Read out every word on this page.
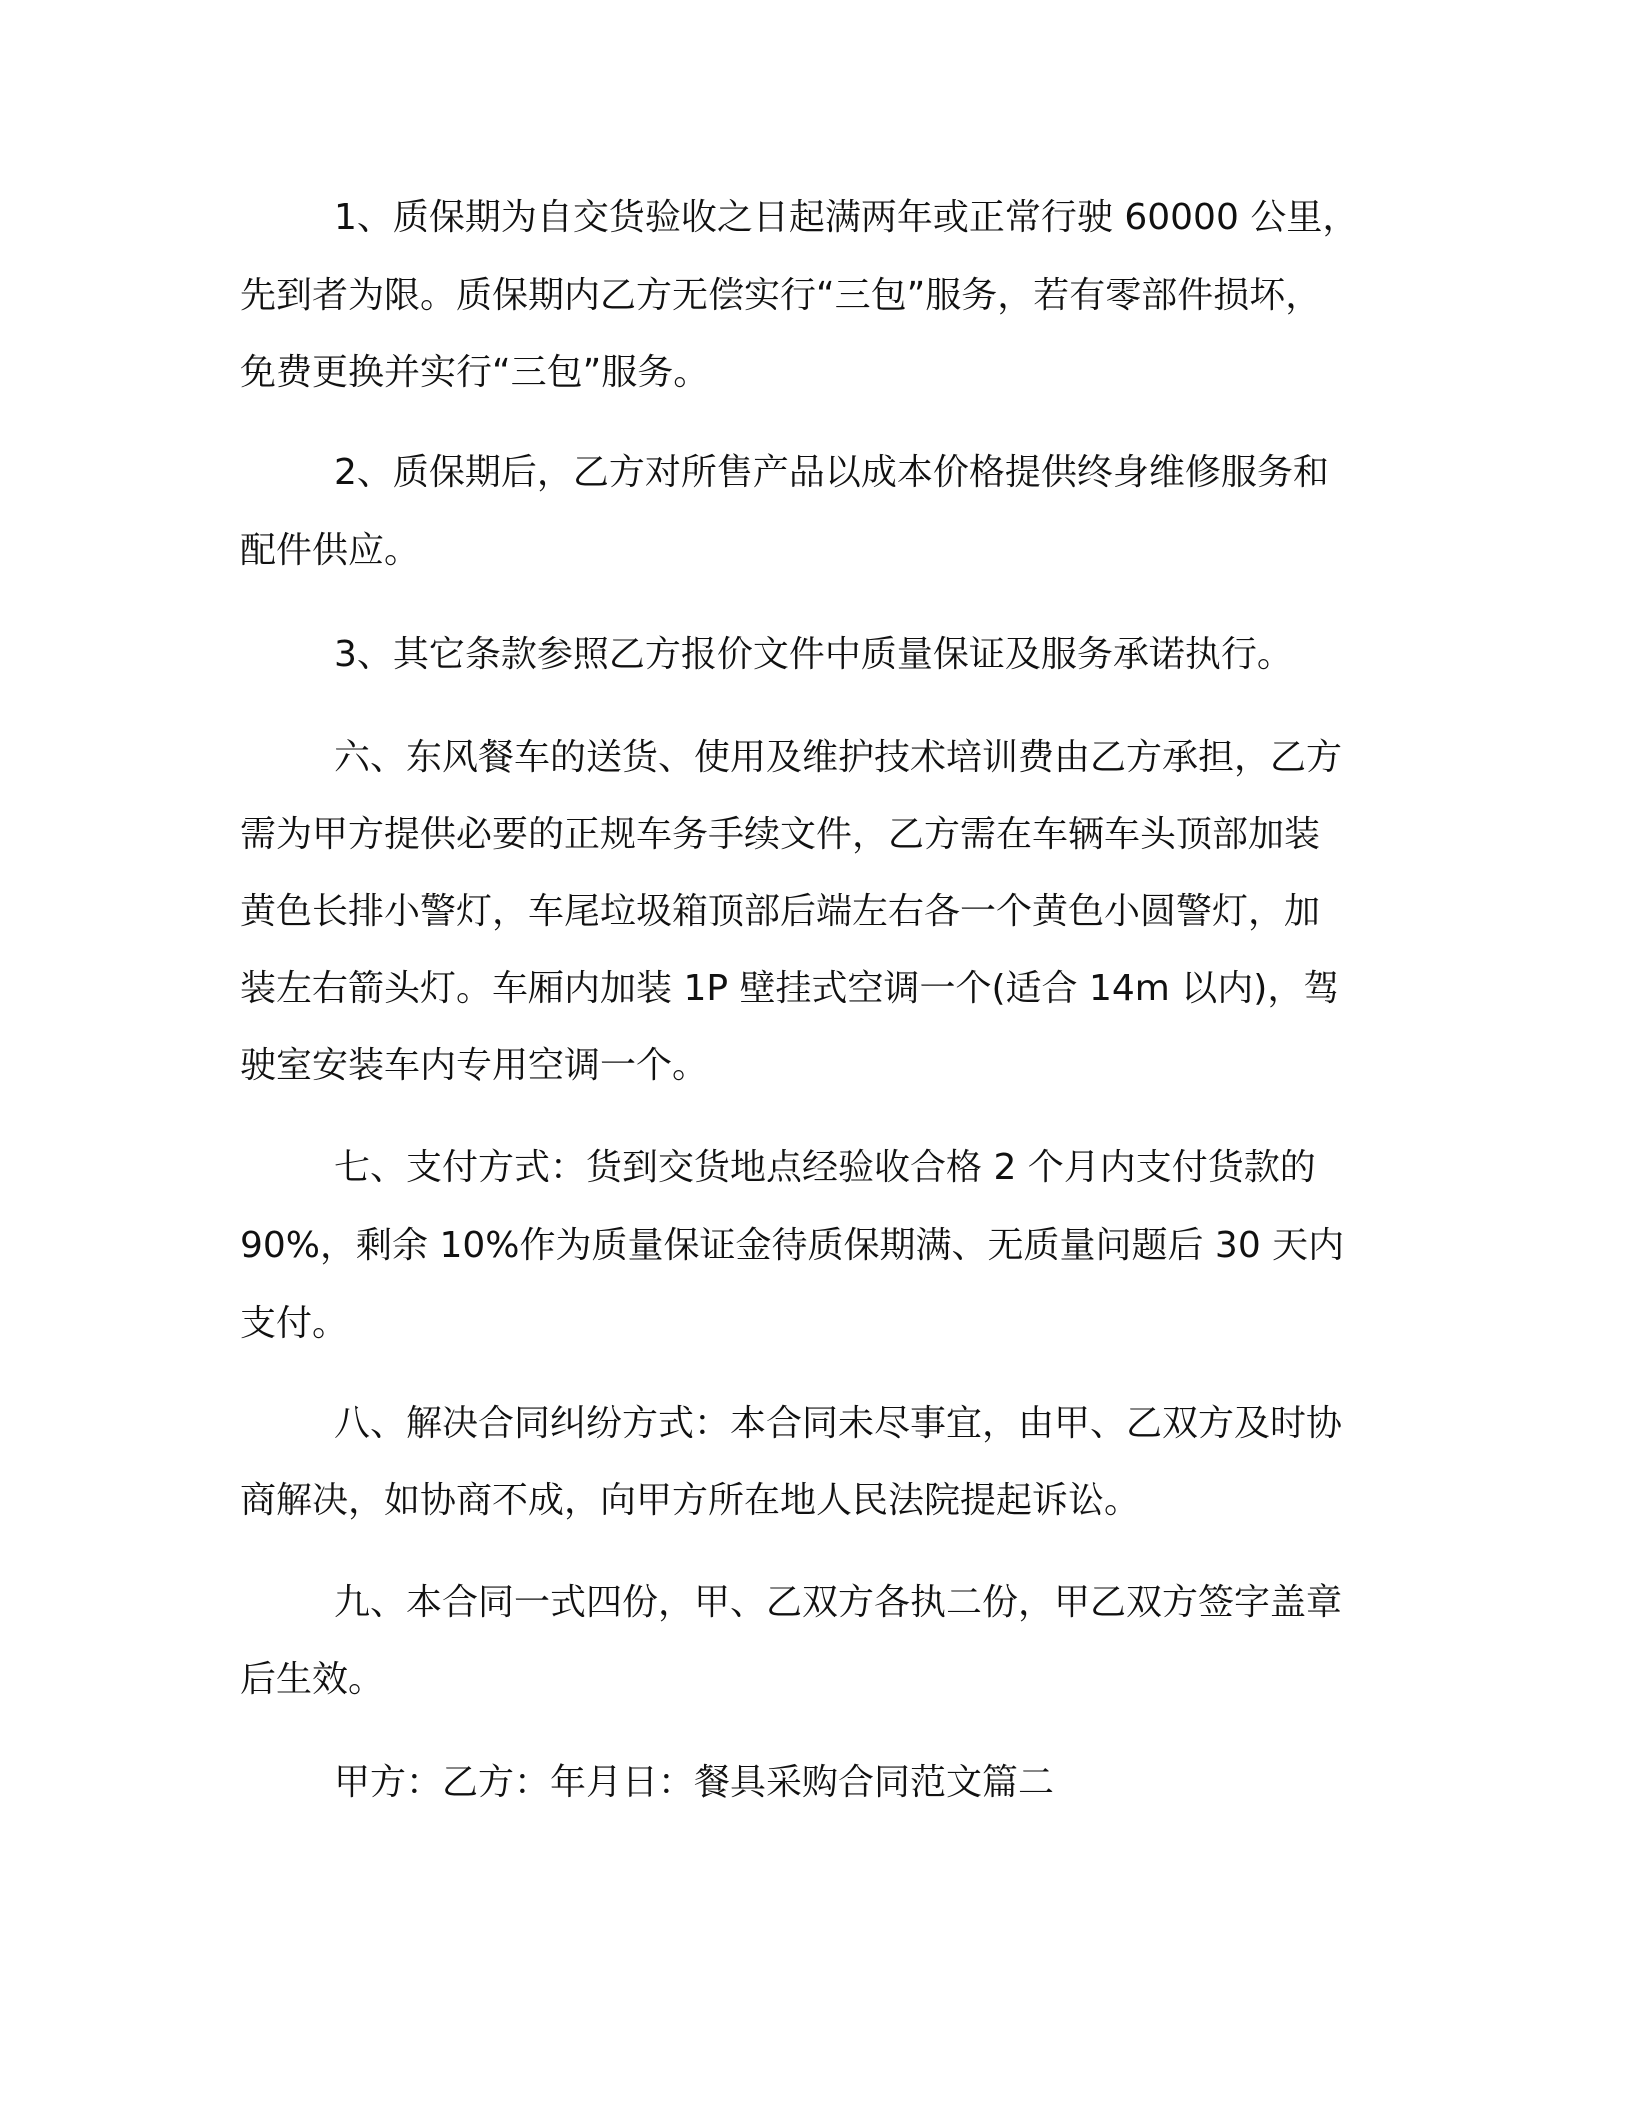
1、质保期为自交货验收之日起满两年或正常行驶 60000 公里，

先到者为限。质保期内乙方无偿实行“三包”服务，若有零部件损坏，

免费更换并实行“三包”服务。

2、质保期后，乙方对所售产品以成本价格提供终身维修服务和

配件供应。

3、其它条款参照乙方报价文件中质量保证及服务承诺执行。

六、东风餐车的送货、使用及维护技术培训费由乙方承担，乙方

需为甲方提供必要的正规车务手续文件，乙方需在车辆车头顶部加装

黄色长排小警灯，车尾垃圾箱顶部后端左右各一个黄色小圆警灯，加

装左右箭头灯。车厢内加装 1P 壁挂式空调一个(适合 14m 以内)，驾

驶室安装车内专用空调一个。

七、支付方式：货到交货地点经验收合格 2 个月内支付货款的

90%，剩余 10%作为质量保证金待质保期满、无质量问题后 30 天内

支付。

八、解决合同纠纷方式：本合同未尽事宜，由甲、乙双方及时协

商解决，如协商不成，向甲方所在地人民法院提起诉讼。

九、本合同一式四份，甲、乙双方各执二份，甲乙双方签字盖章

后生效。

甲方：乙方：年月日：餐具采购合同范文篇二
